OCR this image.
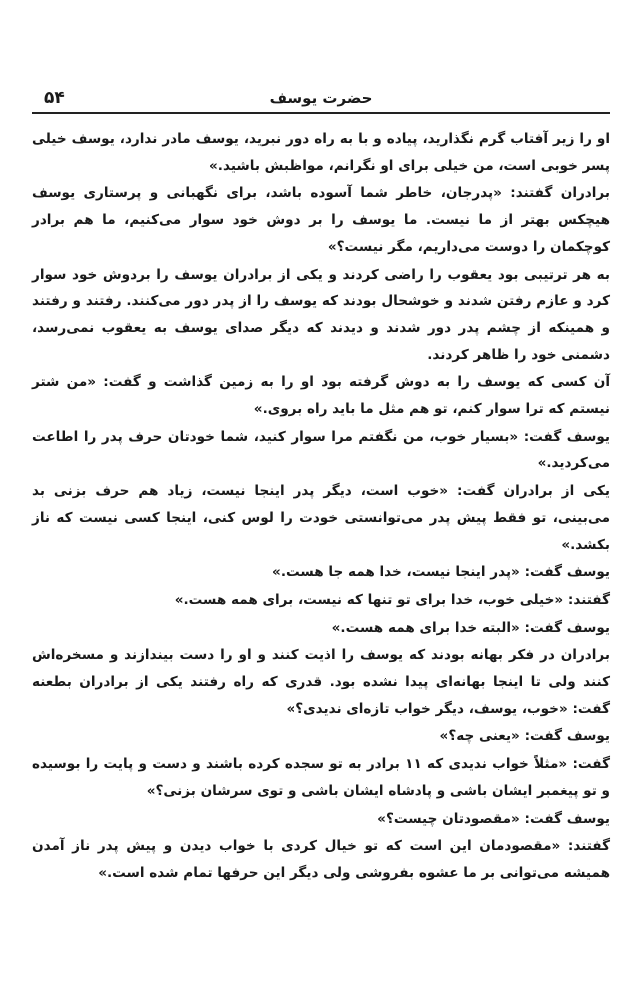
۵۴	حضرت یوسف

او را زیر آفتاب گرم نگذارید، پیاده و با به راه دور نبرید، یوسف مادر ندارد، یوسف خیلی پسر خوبی است، من خیلی برای او نگرانم، مواظبش باشید.»

برادران گفتند: «پدرجان، خاطر شما آسوده باشد، برای نگهبانی و پرستاری یوسف هیچکس بهتر از ما نیست. ما یوسف را بر دوش خود سوار می‌کنیم، ما هم برادر کوچکمان را دوست می‌داریم، مگر نیست؟»

به هر ترتیبی بود یعقوب را راضی کردند و یکی از برادران یوسف را بردوش خود سوار کرد و عازم رفتن شدند و خوشحال بودند که یوسف را از پدر دور می‌کنند. رفتند و رفتند و همینکه از چشم پدر دور شدند و دیدند که دیگر صدای یوسف به یعقوب نمی‌رسد، دشمنی خود را ظاهر کردند.

آن کسی که یوسف را به دوش گرفته بود او را به زمین گذاشت و گفت: «من شتر نیستم که ترا سوار کنم، تو هم مثل ما باید راه بروی.»

یوسف گفت: «بسیار خوب، من نگفتم مرا سوار کنید، شما خودتان حرف پدر را اطاعت می‌کردید.»

یکی از برادران گفت: «خوب است، دیگر پدر اینجا نیست، زیاد هم حرف بزنی بد می‌بینی، تو فقط پیش پدر می‌توانستی خودت را لوس کنی، اینجا کسی نیست که ناز بکشد.»

یوسف گفت: «پدر اینجا نیست، خدا همه جا هست.»

گفتند: «خیلی خوب، خدا برای تو تنها که نیست، برای همه هست.»

یوسف گفت: «البته خدا برای همه هست.»

برادران در فکر بهانه بودند که یوسف را اذیت کنند و او را دست بیندازند و مسخره‌اش کنند ولی تا اینجا بهانه‌ای پیدا نشده بود. قدری که راه رفتند یکی از برادران بطعنه گفت: «خوب، یوسف، دیگر خواب تازه‌ای ندیدی؟»

یوسف گفت: «یعنی چه؟»

گفت: «مثلاً خواب ندیدی که ۱۱ برادر به تو سجده کرده باشند و دست و پایت را بوسیده و تو پیغمبر ایشان باشی و پادشاه ایشان باشی و توی سرشان بزنی؟»

یوسف گفت: «مقصودتان چیست؟»

گفتند: «مقصودمان این است که تو خیال کردی با خواب دیدن و پیش پدر ناز آمدن همیشه می‌توانی بر ما عشوه بفروشی ولی دیگر این حرفها تمام شده است.»
